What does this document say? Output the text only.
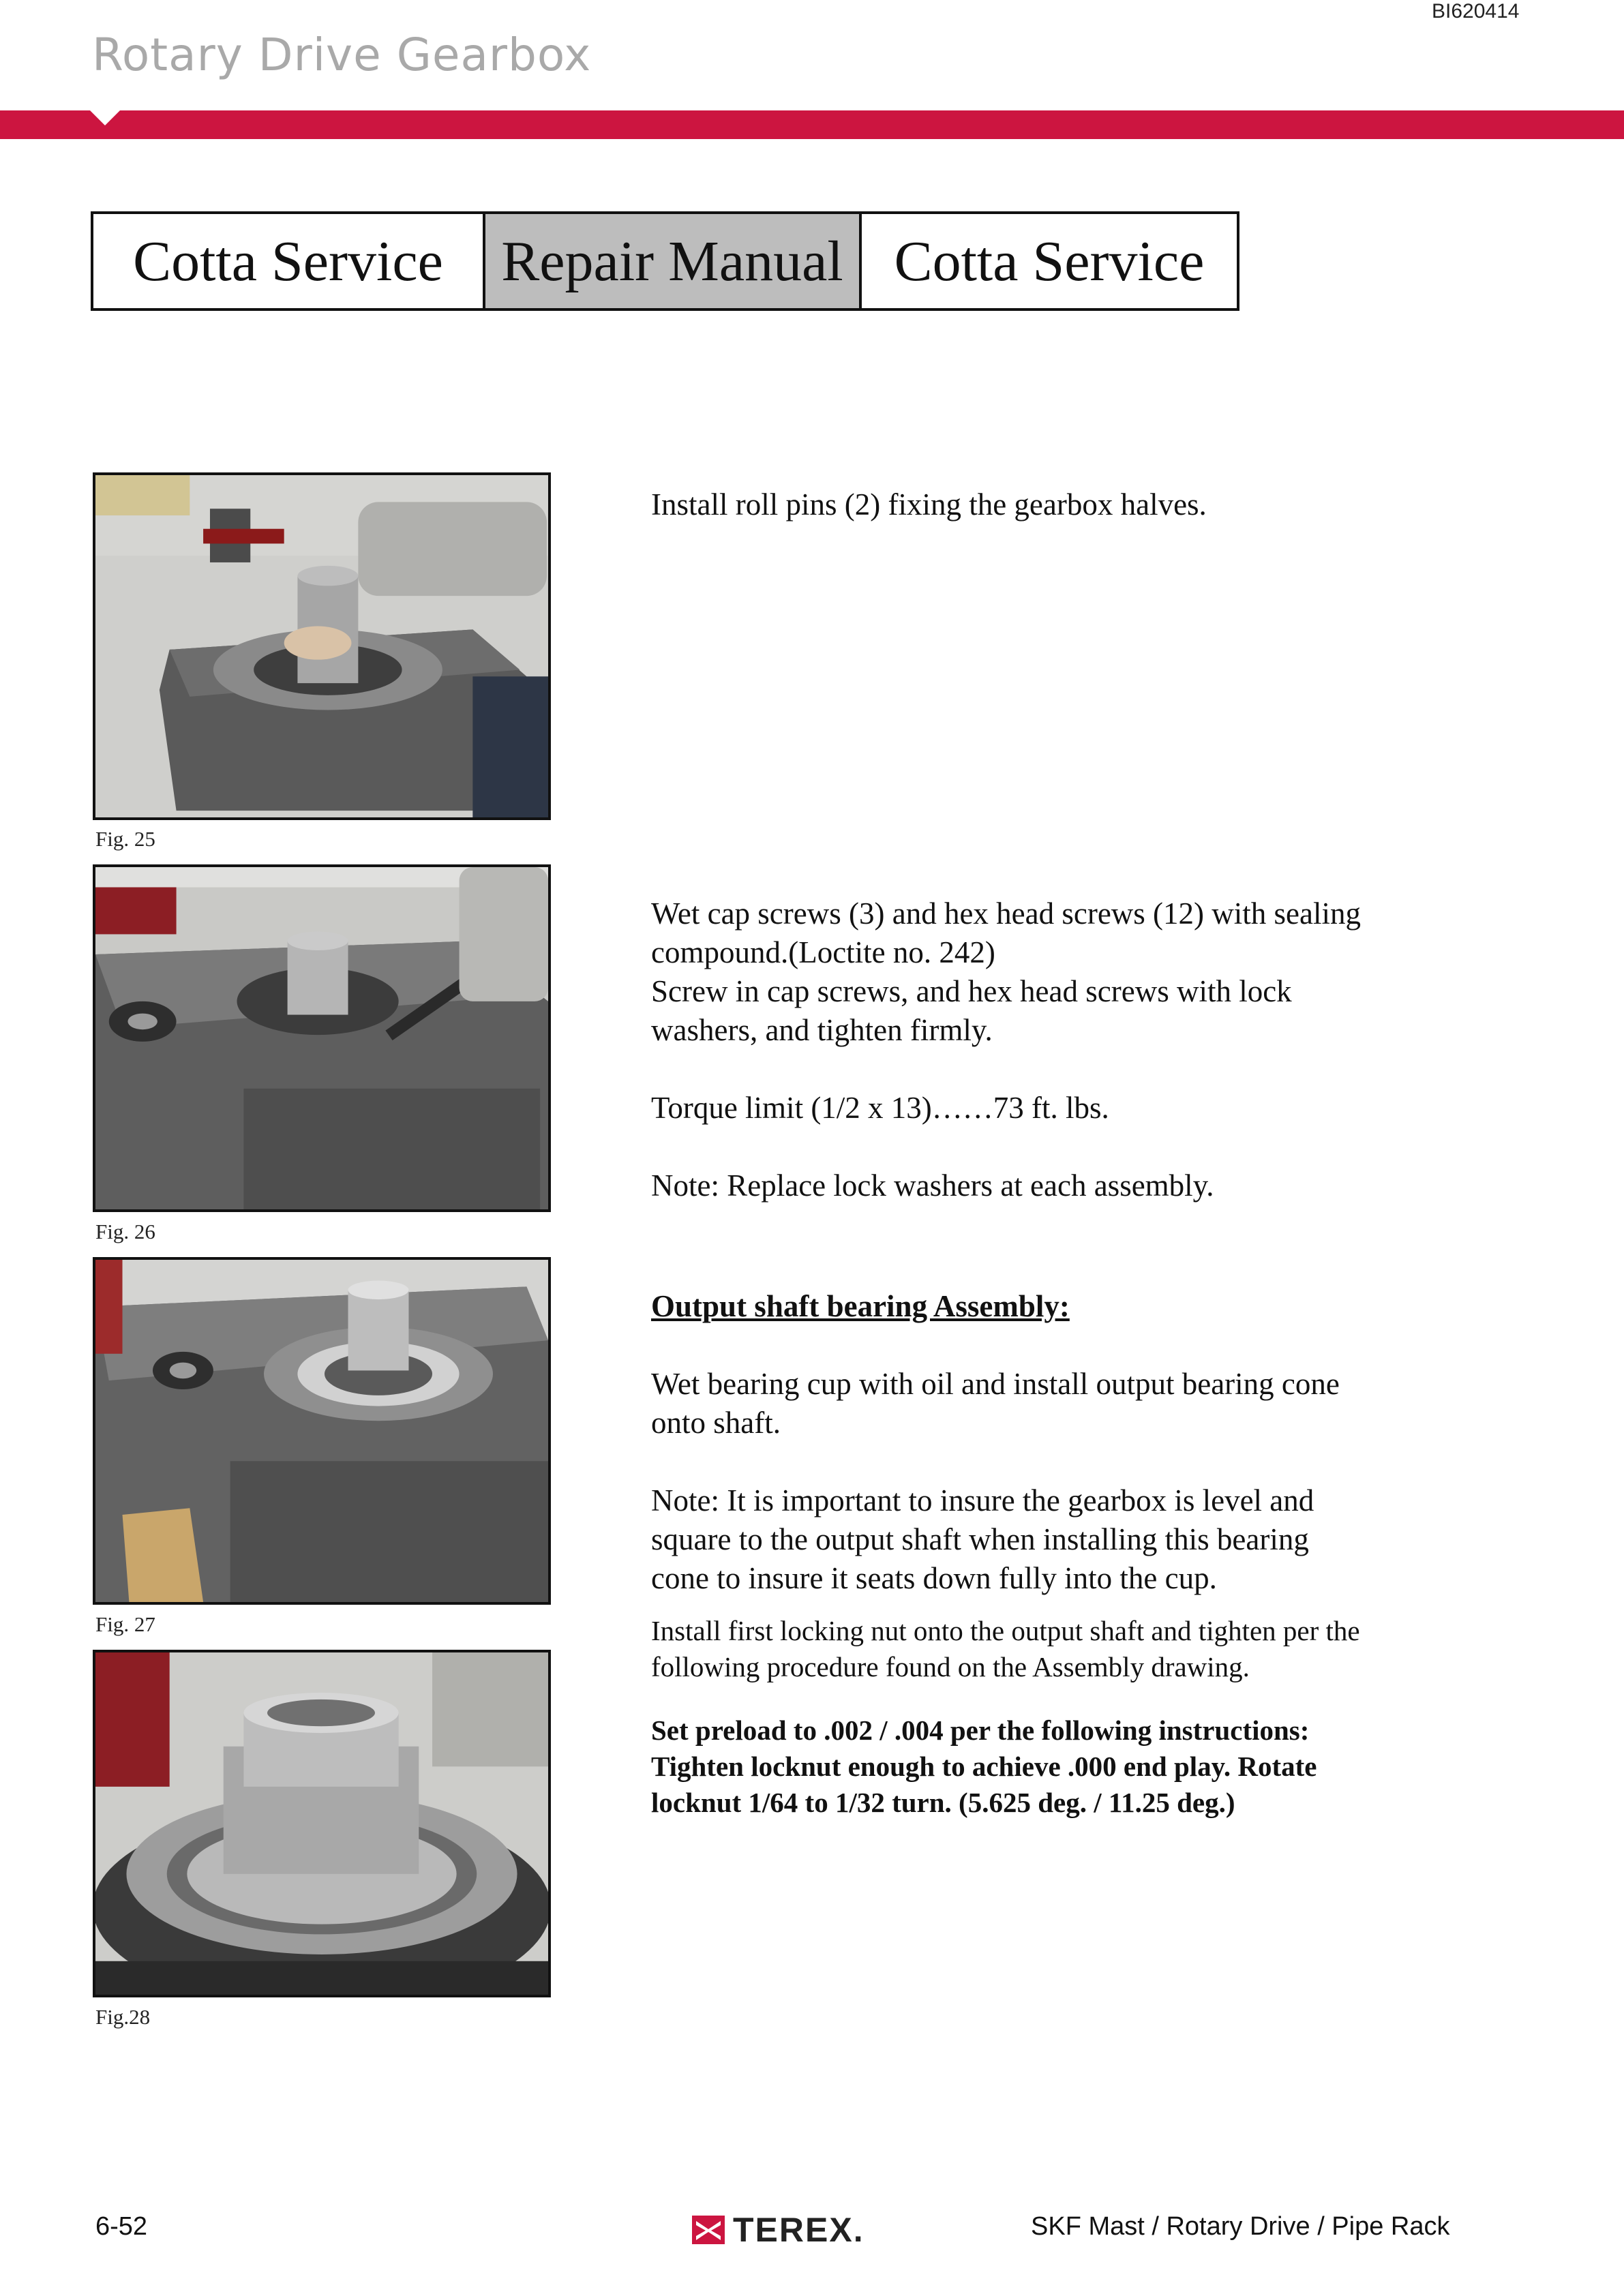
BI620414
Rotary Drive Gearbox
Cotta Service	Repair Manual Cotta Service
Fig. 25
Fig. 26
Fig. 27
Fig.28

Install roll pins (2) fixing the gearbox halves.

Wet cap screws (3) and hex head screws (12) with sealing compound.(Loctite no. 242)

Screw in cap screws, and hex head screws with lock washers, and tighten firmly.

Torque limit (1/2 x 13)……73 ft. lbs.

Note: Replace lock washers at each assembly.

Output shaft bearing Assembly:

Wet bearing cup with oil and install output bearing cone onto shaft.

Note: It is important to insure the gearbox is level and square to the output shaft when installing this bearing cone to insure it seats down fully into the cup.

Install first locking nut onto the output shaft and tighten per the following procedure found on the Assembly drawing.

Set preload to .002 / .004 per the following instructions: Tighten locknut enough to achieve .000 end play. Rotate locknut 1/64 to 1/32 turn. (5.625 deg. / 11.25 deg.)

6-52	TEREX.	SKF Mast / Rotary Drive / Pipe Rack
